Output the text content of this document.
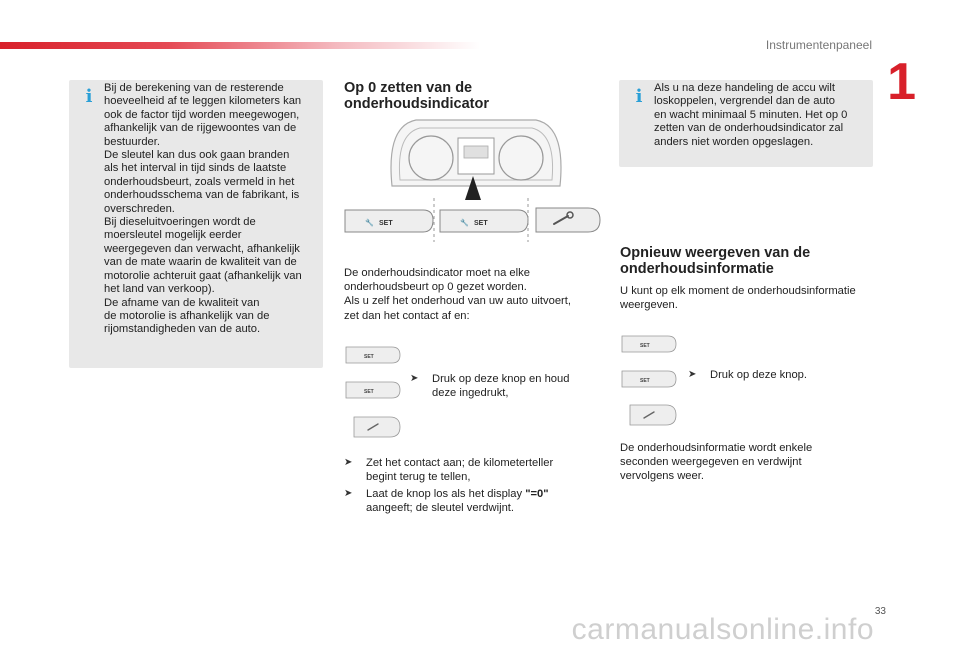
Instrumentenpaneel
1
33
carmanualsonline.info
i Bij de berekening van de resterende
hoeveelheid af te leggen kilometers kan
ook de factor tijd worden meegewogen,
afhankelijk van de rijgewoontes van de
bestuurder.
De sleutel kan dus ook gaan branden
als het interval in tijd sinds de laatste
onderhoudsbeurt, zoals vermeld in het
onderhoudsschema van de fabrikant, is
overschreden.
Bij dieseluitvoeringen wordt de
moersleutel mogelijk eerder
weergegeven dan verwacht, afhankelijk
van de mate waarin de kwaliteit van de
motorolie achteruit gaat (afhankelijk van
het land van verkoop).
De afname van de kwaliteit van
de motorolie is afhankelijk van de
rijomstandigheden van de auto.
Op 0 zetten van de
onderhoudsindicator
🔧 SET	🔧 SET
De onderhoudsindicator moet na elke
onderhoudsbeurt op 0 gezet worden.
Als u zelf het onderhoud van uw auto uitvoert,
zet dan het contact af en:
SET
SET
➤ Druk op deze knop en houd
deze ingedrukt,
➤ Zet het contact aan; de kilometerteller
begint terug te tellen,
➤ Laat de knop los als het display "=0"
aangeeft; de sleutel verdwijnt.
i Als u na deze handeling de accu wilt
loskoppelen, vergrendel dan de auto
en wacht minimaal 5 minuten. Het op 0
zetten van de onderhoudsindicator zal
anders niet worden opgeslagen.
Opnieuw weergeven van de
onderhoudsinformatie
U kunt op elk moment de onderhoudsinformatie
weergeven.
SET
SET
➤ Druk op deze knop.
De onderhoudsinformatie wordt enkele
seconden weergegeven en verdwijnt
vervolgens weer.
